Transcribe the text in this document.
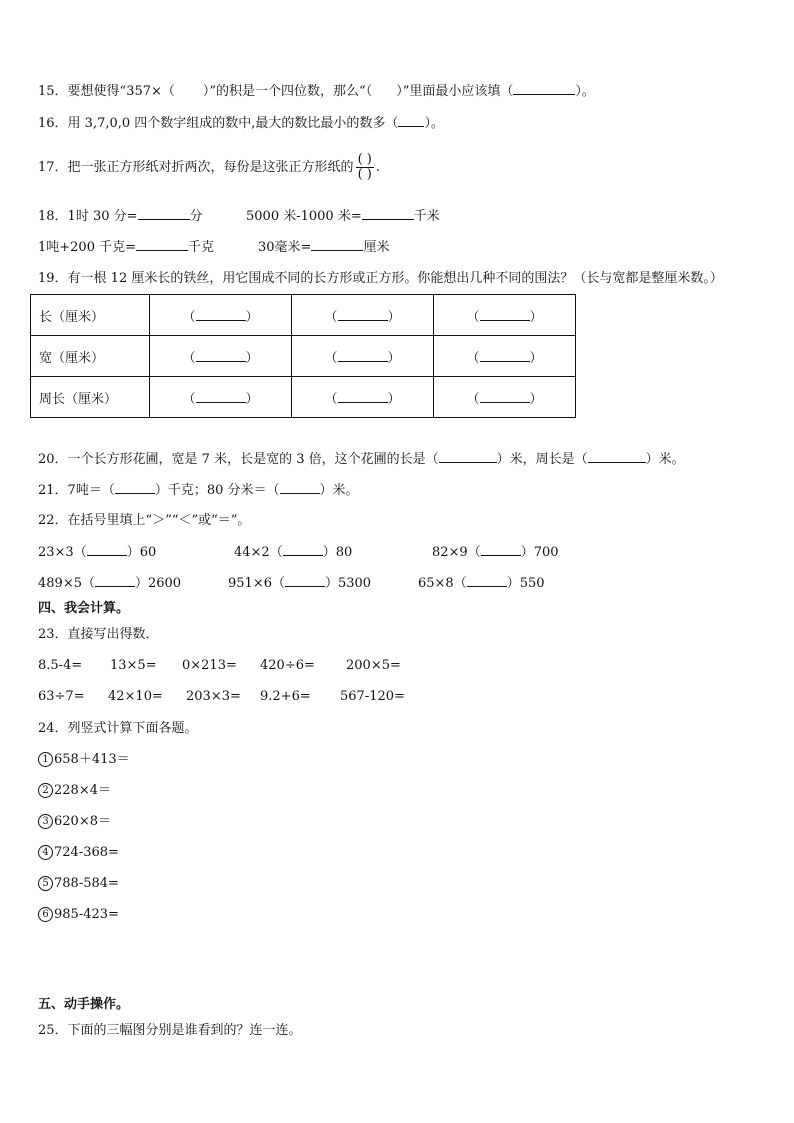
15．要想使得“357×（ ）”的积是一个四位数，那么“（ ）”里面最小应该填（	）。
16．用 3,7,0,0 四个数字组成的数中,最大的数比最小的数多（ ）。
17．把一张正方形纸对折两次，每份是这张正方形纸的 $\frac{( )}{( )}$ .
18．1时 30 分=	分	5000 米-1000 米=	千米
1吨+200 千克=	千克	30毫米=	厘米
19．有一根 12 厘米长的铁丝，用它围成不同的长方形或正方形。你能想出几种不同的围法？（长与宽都是整厘米数。）
长（厘米）	（ ）	（ ）	（ ）
宽（厘米）	（ ）	（ ）	（ ）
周长（厘米）	（ ）	（ ）	（ ）
20．一个长方形花圃，宽是 7 米，长是宽的 3 倍，这个花圃的长是（	）米，周长是（	）米。
21．7吨＝（	）千克；80 分米＝（	）米。
22．在括号里填上“＞”“＜”或“＝”。
23×3（	）60	44×2（	）80	82×9（	）700
489×5（	）2600	951×6（	）5300	65×8（	）550
四、我会计算。
23．直接写出得数．
8.5-4= 13×5= 0×213= 420÷6= 200×5=
63÷7= 42×10= 203×3= 9.2+6= 567-120=
24．列竖式计算下面各题。
1 658＋413＝
2 228×4＝
3 620×8＝
4 724-368=
5 788-584=
6 985-423=
五、动手操作。
25．下面的三幅图分别是谁看到的？连一连。
